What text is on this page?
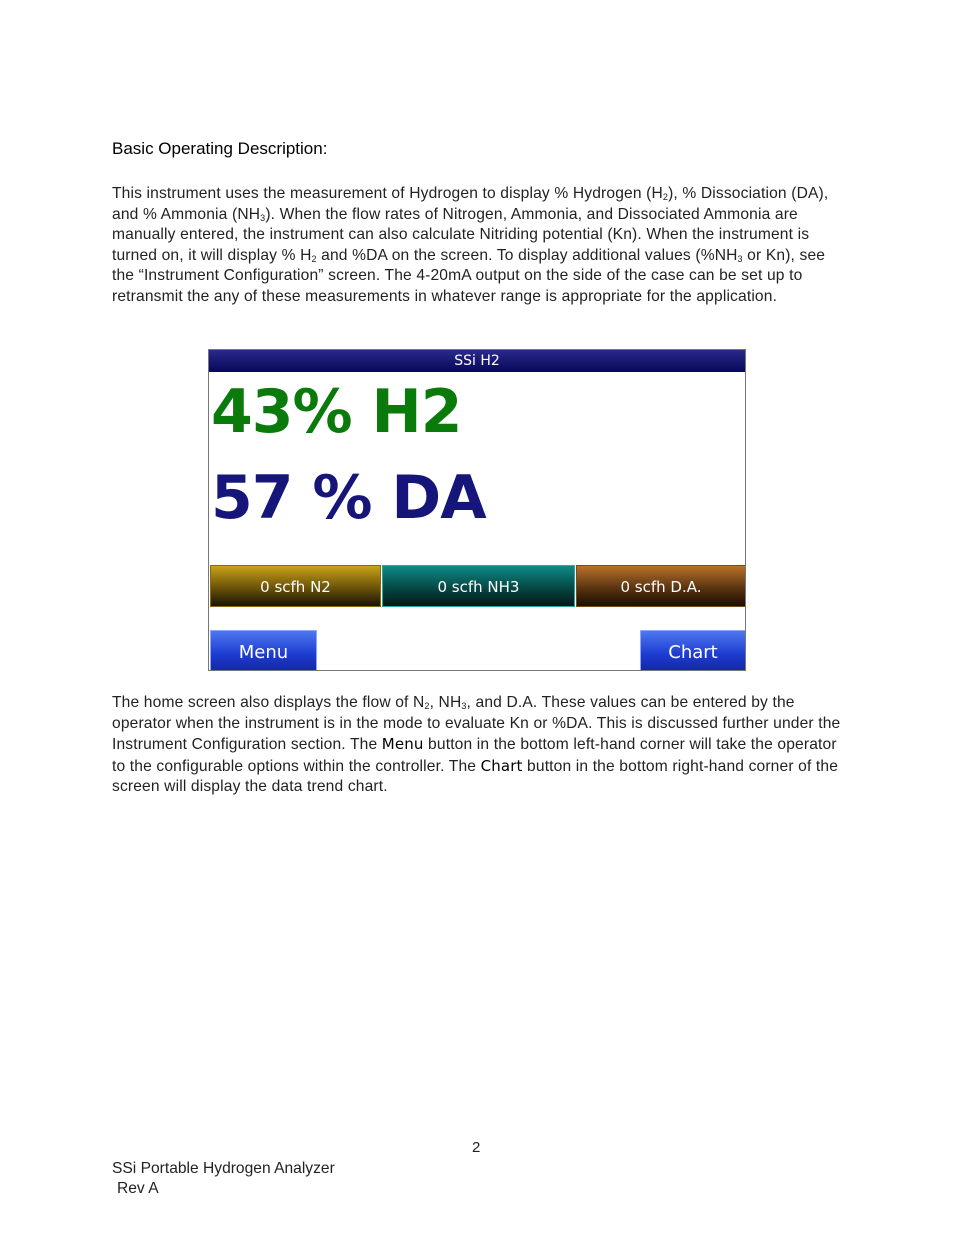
Basic Operating Description:
This instrument uses the measurement of Hydrogen to display % Hydrogen $(H_2)$, % Dissociation (DA), and % Ammonia $(NH_3)$. When the flow rates of Nitrogen, Ammonia, and Dissociated Ammonia are manually entered, the instrument can also calculate Nitriding potential (Kn). When the instrument is turned on, it will display % $H_2$ and %DA on the screen. To display additional values ($\%NH_3$ or Kn), see the “Instrument Configuration” screen. The 4-20mA output on the side of the case can be set up to retransmit the any of these measurements in whatever range is appropriate for the application.
SSi H2
43% H2
57 % DA
0 scfh N2	0 scfh NH3	0 scfh D.A.
Menu	Chart
The home screen also displays the flow of $N_2$, $NH_3$, and D.A. These values can be entered by the operator when the instrument is in the mode to evaluate Kn or %DA. This is discussed further under the Instrument Configuration section. The Menu button in the bottom left-hand corner will take the operator to the configurable options within the controller. The Chart button in the bottom right-hand corner of the screen will display the data trend chart.
2
SSi Portable Hydrogen Analyzer
Rev A
